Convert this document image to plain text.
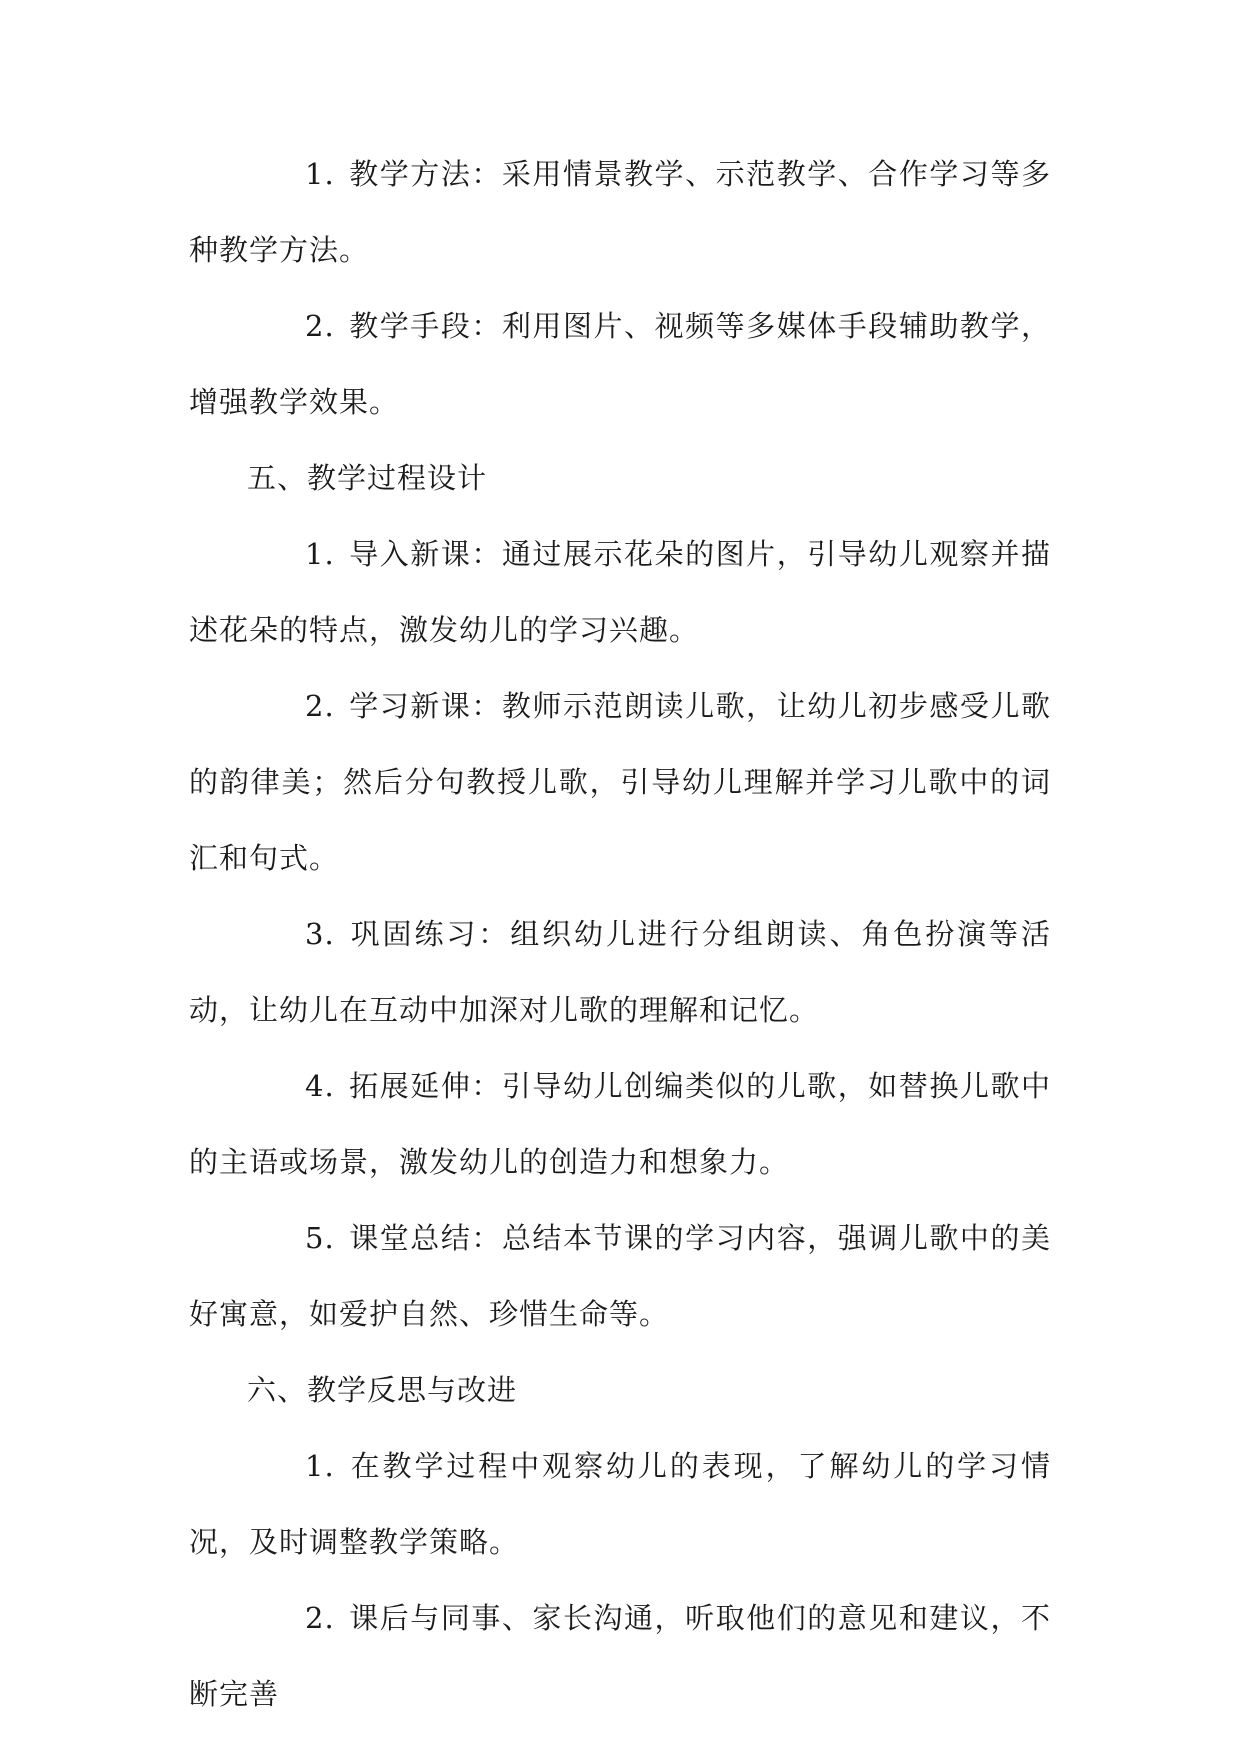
1. 教学方法：采用情景教学、示范教学、合作学习等多种教学方法。

2. 教学手段：利用图片、视频等多媒体手段辅助教学，增强教学效果。

五、教学过程设计

1. 导入新课：通过展示花朵的图片，引导幼儿观察并描述花朵的特点，激发幼儿的学习兴趣。

2. 学习新课：教师示范朗读儿歌，让幼儿初步感受儿歌的韵律美；然后分句教授儿歌，引导幼儿理解并学习儿歌中的词汇和句式。

3. 巩固练习：组织幼儿进行分组朗读、角色扮演等活动，让幼儿在互动中加深对儿歌的理解和记忆。

4. 拓展延伸：引导幼儿创编类似的儿歌，如替换儿歌中的主语或场景，激发幼儿的创造力和想象力。

5. 课堂总结：总结本节课的学习内容，强调儿歌中的美好寓意，如爱护自然、珍惜生命等。

六、教学反思与改进

1. 在教学过程中观察幼儿的表现，了解幼儿的学习情况，及时调整教学策略。

2. 课后与同事、家长沟通，听取他们的意见和建议，不断完善
